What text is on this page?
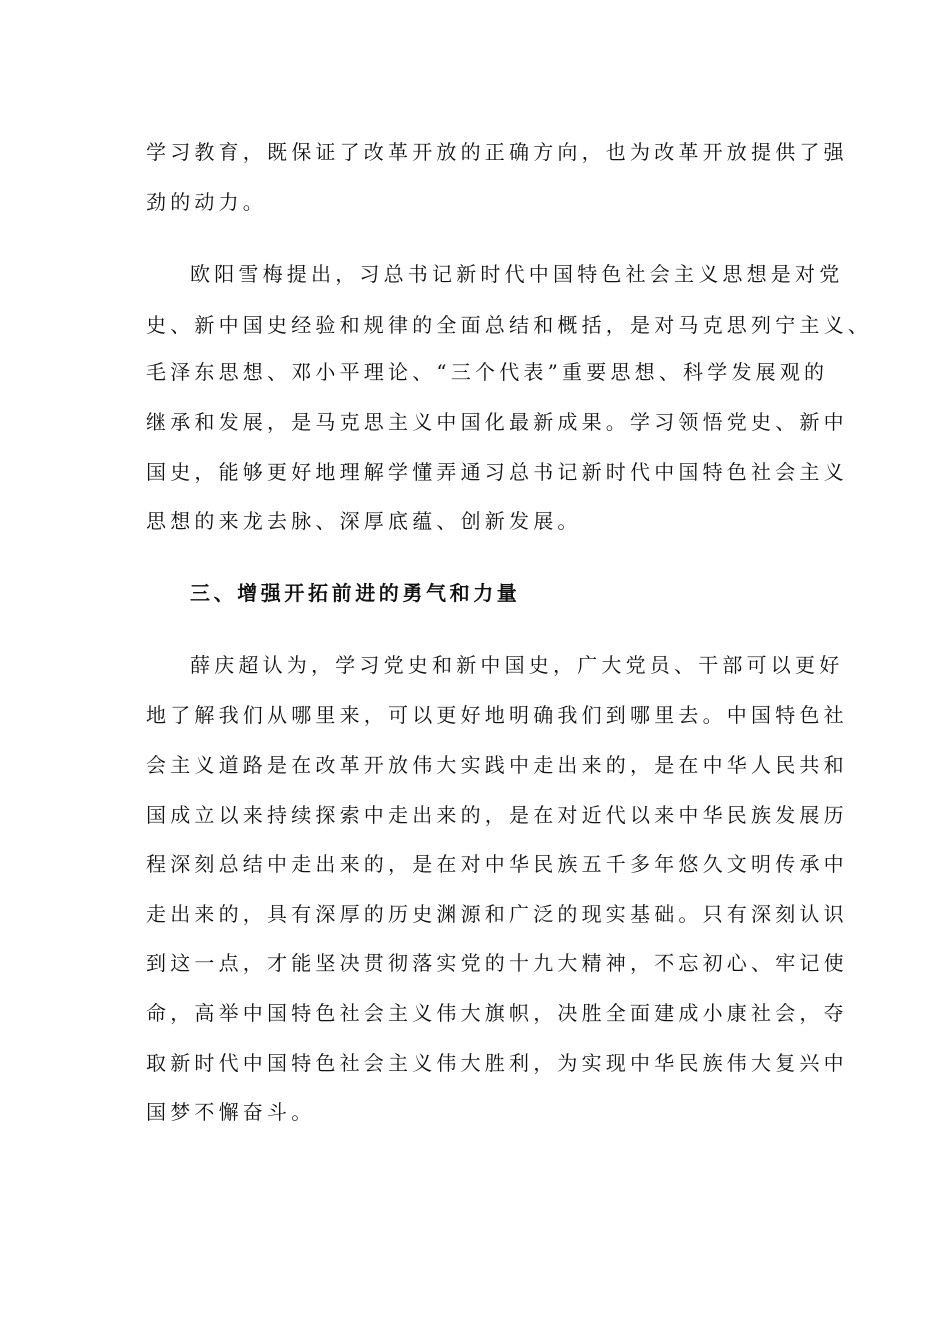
学习教育，既保证了改革开放的正确方向，也为改革开放提供了强
劲的动力。
欧阳雪梅提出，习总书记新时代中国特色社会主义思想是对党
史、新中国史经验和规律的全面总结和概括，是对马克思列宁主义、
毛泽东思想、邓小平理论、“三个代表”重要思想、科学发展观的
继承和发展，是马克思主义中国化最新成果。学习领悟党史、新中
国史，能够更好地理解学懂弄通习总书记新时代中国特色社会主义
思想的来龙去脉、深厚底蕴、创新发展。
三、增强开拓前进的勇气和力量
薛庆超认为，学习党史和新中国史，广大党员、干部可以更好
地了解我们从哪里来，可以更好地明确我们到哪里去。中国特色社
会主义道路是在改革开放伟大实践中走出来的，是在中华人民共和
国成立以来持续探索中走出来的，是在对近代以来中华民族发展历
程深刻总结中走出来的，是在对中华民族五千多年悠久文明传承中
走出来的，具有深厚的历史渊源和广泛的现实基础。只有深刻认识
到这一点，才能坚决贯彻落实党的十九大精神，不忘初心、牢记使
命，高举中国特色社会主义伟大旗帜，决胜全面建成小康社会，夺
取新时代中国特色社会主义伟大胜利，为实现中华民族伟大复兴中
国梦不懈奋斗。
